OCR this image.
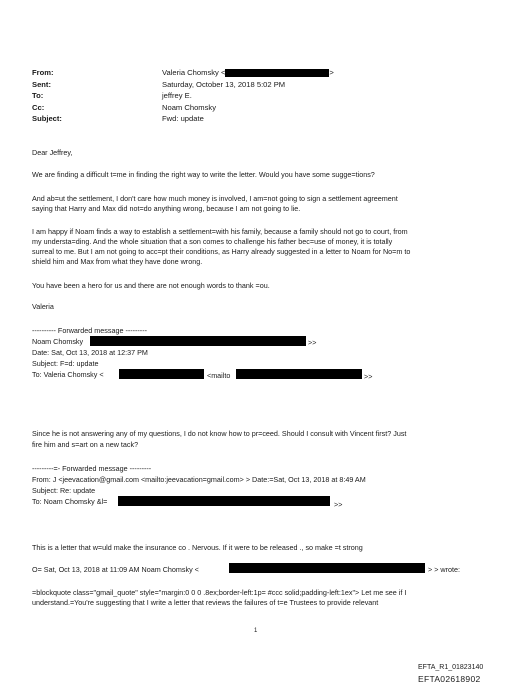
From:	Valeria Chomsky <	>
Sent:	Saturday, October 13, 2018 5:02 PM
To:	jeffrey E.
Cc:	Noam Chomsky
Subject:	Fwd: update
Dear Jeffrey,
We are finding a difficult t=me in finding the right way to write the letter. Would you have some sugge=tions?
And ab=ut the settlement, I don't care how much money is involved, I am=not going to sign a settlement agreement
saying that Harry and Max did not=do anything wrong, because I am not going to lie.
I am happy if Noam finds a way to establish a settlement=with his family, because a family should not go to court, from
my understa=ding. And the whole situation that a son comes to challenge his father bec=use of money, it is totally
surreal to me. But I am not going to acc=pt their conditions, as Harry already suggested in a letter to Noam for No=m to
shield him and Max from what they have done wrong.
You have been a hero for us and there are not enough words to thank =ou.
Valeria
---------- Forwarded message ---------
Noam Chomsky	>>
Date: Sat, Oct 13, 2018 at 12:37 PM
Subject: F=d: update
To: Valeria Chomsky <	<mailto	>>
Since he is not answering any of my questions, I do not know how to pr=ceed. Should I consult with Vincent first? Just
fire him and s=art on a new tack?
---------=- Forwarded message ---------
From: J <jeevacation@gmail.com <mailto:jeevacation=gmail.com> > Date:=Sat, Oct 13, 2018 at 8:49 AM
Subject: Re: update
To: Noam Chomsky &l=	>>
This is a letter that w=uld make the insurance co . Nervous. If it were to be released ., so make =t strong
O= Sat, Oct 13, 2018 at 11:09 AM Noam Chomsky <	> > wrote:
=blockquote class="gmail_quote" style="margin:0 0 0 .8ex;border-left:1p= #ccc solid;padding-left:1ex"> Let me see if I
understand.=You're suggesting that I write a letter that reviews the failures of t=e Trustees to provide relevant
1
EFTA_R1_01823140
EFTA02618902
